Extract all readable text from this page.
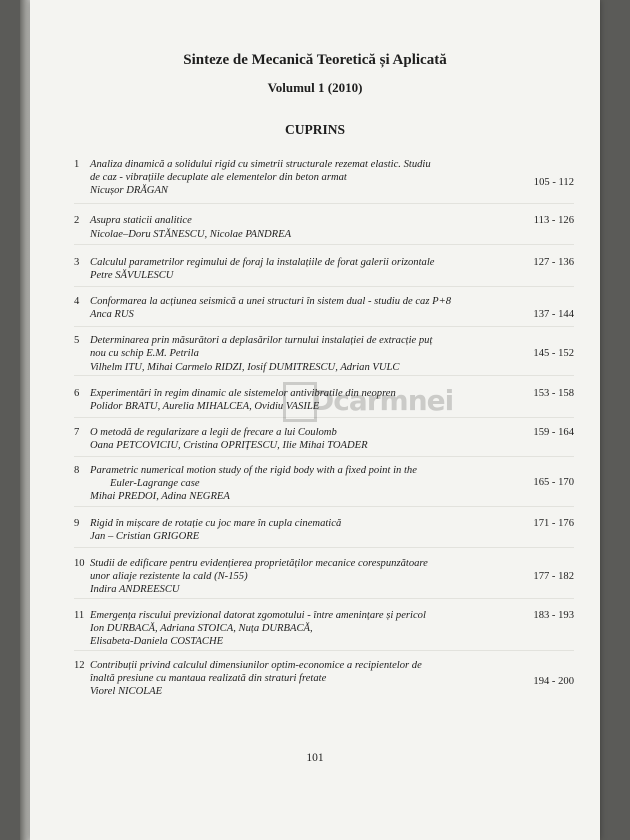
Sinteze de Mecanică Teoretică și Aplicată
Volumul 1 (2010)
CUPRINS
1 Analiza dinamică a solidului rigid cu simetrii structurale rezemat elastic. Studiu
de caz - vibrațiile decuplate ale elementelor din beton armat
Nicușor DRĂGAN
105 - 112
2 Asupra staticii analitice
Nicolae–Doru STĂNESCU, Nicolae PANDREA
113 - 126
3 Calculul parametrilor regimului de foraj la instalațiile de forat galerii orizontale
Petre SĂVULESCU
127 - 136
4 Conformarea la acțiunea seismică a unei structuri în sistem dual - studiu de caz P+8
Anca RUS	137 - 144
5 Determinarea prin măsurători a deplasărilor turnului instalației de extracție puț
nou cu schip E.M. Petrila
Vilhelm ITU, Mihai Carmelo RIDZI, Iosif DUMITRESCU, Adrian VULC
145 - 152
6 Experimentări în regim dinamic ale sistemelor antivibratile din neopren
Polidor BRATU, Aurelia MIHALCEA, Ovidiu VASILE
153 - 158
7 O metodă de regularizare a legii de frecare a lui Coulomb
Oana PETCOVICIU, Cristina OPRIȚESCU, Ilie Mihai TOADER
159 - 164
8 Parametric numerical motion study of the rigid body with a fixed point in the
Euler-Lagrange case
Mihai PREDOI, Adina NEGREA
165 - 170
9 Rigid în mișcare de rotație cu joc mare în cupla cinematică
Jan – Cristian GRIGORE
171 - 176
10 Studii de edificare pentru evidențierea proprietăților mecanice corespunzătoare
unor aliaje rezistente la cald (N-155)
Indira ANDREESCU
177 - 182
11 Emergența riscului previzional datorat zgomotului - între amenințare și pericol
Ion DURBACĂ, Adriana STOICA, Nuța DURBACĂ,
Elisabeta-Daniela COSTACHE
183 - 193
12 Contribuții privind calculul dimensiunilor optim-economice a recipientelor de
înaltă presiune cu mantaua realizată din straturi fretate
Viorel NICOLAE
194 - 200
101
Dcarmnei
